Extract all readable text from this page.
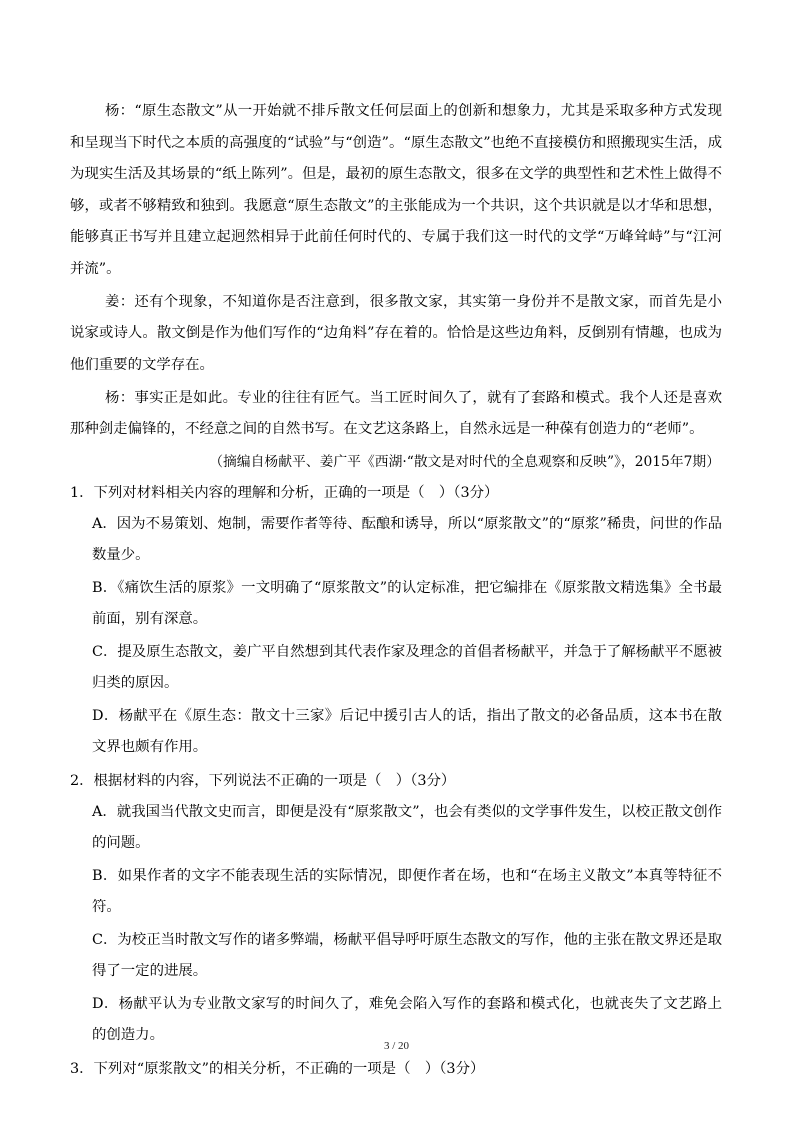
杨：“原生态散文”从一开始就不排斥散文任何层面上的创新和想象力，尤其是采取多种方式发现和呈现当下时代之本质的高强度的“试验”与“创造”。“原生态散文”也绝不直接模仿和照搬现实生活，成为现实生活及其场景的“纸上陈列”。但是，最初的原生态散文，很多在文学的典型性和艺术性上做得不够，或者不够精致和独到。我愿意“原生态散文”的主张能成为一个共识，这个共识就是以才华和思想，能够真正书写并且建立起迥然相异于此前任何时代的、专属于我们这一时代的文学“万峰耸峙”与“江河并流”。

姜：还有个现象，不知道你是否注意到，很多散文家，其实第一身份并不是散文家，而首先是小说家或诗人。散文倒是作为他们写作的“边角料”存在着的。恰恰是这些边角料，反倒别有情趣，也成为他们重要的文学存在。

杨：事实正是如此。专业的往往有匠气。当工匠时间久了，就有了套路和模式。我个人还是喜欢那种剑走偏锋的，不经意之间的自然书写。在文艺这条路上，自然永远是一种葆有创造力的“老师”。

（摘编自杨献平、姜广平《西湖·“散文是对时代的全息观察和反映”》，2015年7期）

1．下列对材料相关内容的理解和分析，正确的一项是（　）（3分）

A．因为不易策划、炮制，需要作者等待、酝酿和诱导，所以“原浆散文”的“原浆”稀贵，问世的作品数量少。

B．《痛饮生活的原浆》一文明确了“原浆散文”的认定标准，把它编排在《原浆散文精选集》全书最前面，别有深意。

C．提及原生态散文，姜广平自然想到其代表作家及理念的首倡者杨献平，并急于了解杨献平不愿被归类的原因。

D．杨献平在《原生态：散文十三家》后记中援引古人的话，指出了散文的必备品质，这本书在散文界也颇有作用。

2．根据材料的内容，下列说法不正确的一项是（　）（3分）

A．就我国当代散文史而言，即便是没有“原浆散文”，也会有类似的文学事件发生，以校正散文创作的问题。

B．如果作者的文字不能表现生活的实际情况，即便作者在场，也和“在场主义散文”本真等特征不符。

C．为校正当时散文写作的诸多弊端，杨献平倡导呼吁原生态散文的写作，他的主张在散文界还是取得了一定的进展。

D．杨献平认为专业散文家写的时间久了，难免会陷入写作的套路和模式化，也就丧失了文艺路上的创造力。

3．下列对“原浆散文”的相关分析，不正确的一项是（　）（3分）

3 / 20
